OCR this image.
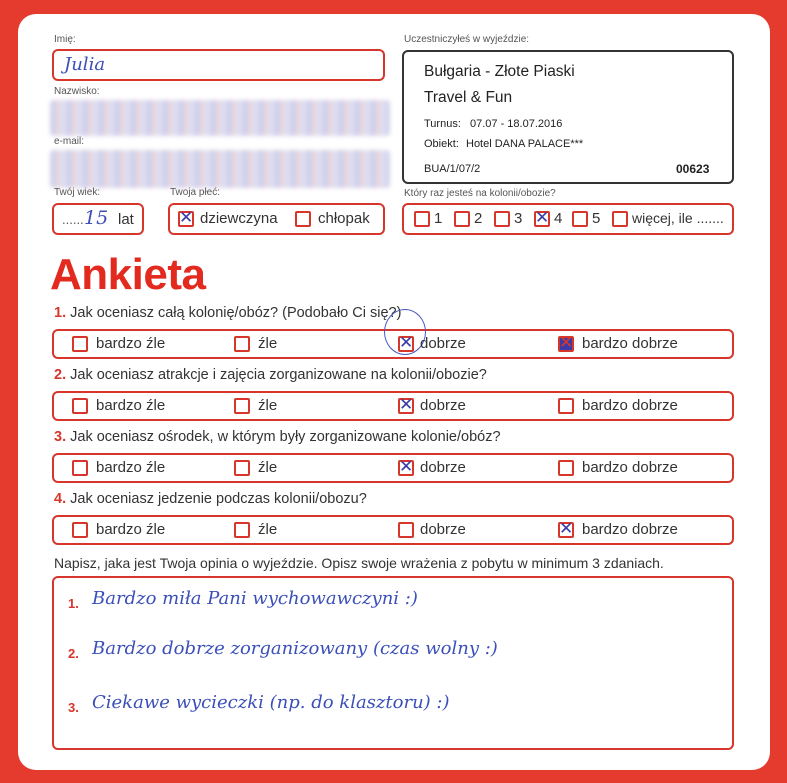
Imię:
Julia
Nazwisko:
e-mail:
Twój wiek:
...... 15 lat
Twoja płeć:
✕ dziewczyna	chłopak
Uczestniczyłeś w wyjeździe:
Bułgaria - Złote Piaski
Travel & Fun
Turnus: 07.07 - 18.07.2016
Obiekt: Hotel DANA PALACE***
BUA/1/07/2	00623
Który raz jesteś na kolonii/obozie?
1 2 3 ✕ 4 5 więcej, ile .......
Ankieta
1. Jak oceniasz całą kolonię/obóz? (Podobało Ci się?)
bardzo źle	źle	✕ dobrze	✕ bardzo dobrze
2. Jak oceniasz atrakcje i zajęcia zorganizowane na kolonii/obozie?
bardzo źle	źle	✕ dobrze	bardzo dobrze
3. Jak oceniasz ośrodek, w którym były zorganizowane kolonie/obóz?
bardzo źle	źle	✕ dobrze	bardzo dobrze
4. Jak oceniasz jedzenie podczas kolonii/obozu?
bardzo źle	źle	dobrze	✕ bardzo dobrze
Napisz, jaka jest Twoja opinia o wyjeździe. Opisz swoje wrażenia z pobytu w minimum 3 zdaniach.
1. Bardzo miła Pani wychowawczyni :)
2. Bardzo dobrze zorganizowany (czas wolny :)
3. Ciekawe wycieczki (np. do klasztoru) :)
